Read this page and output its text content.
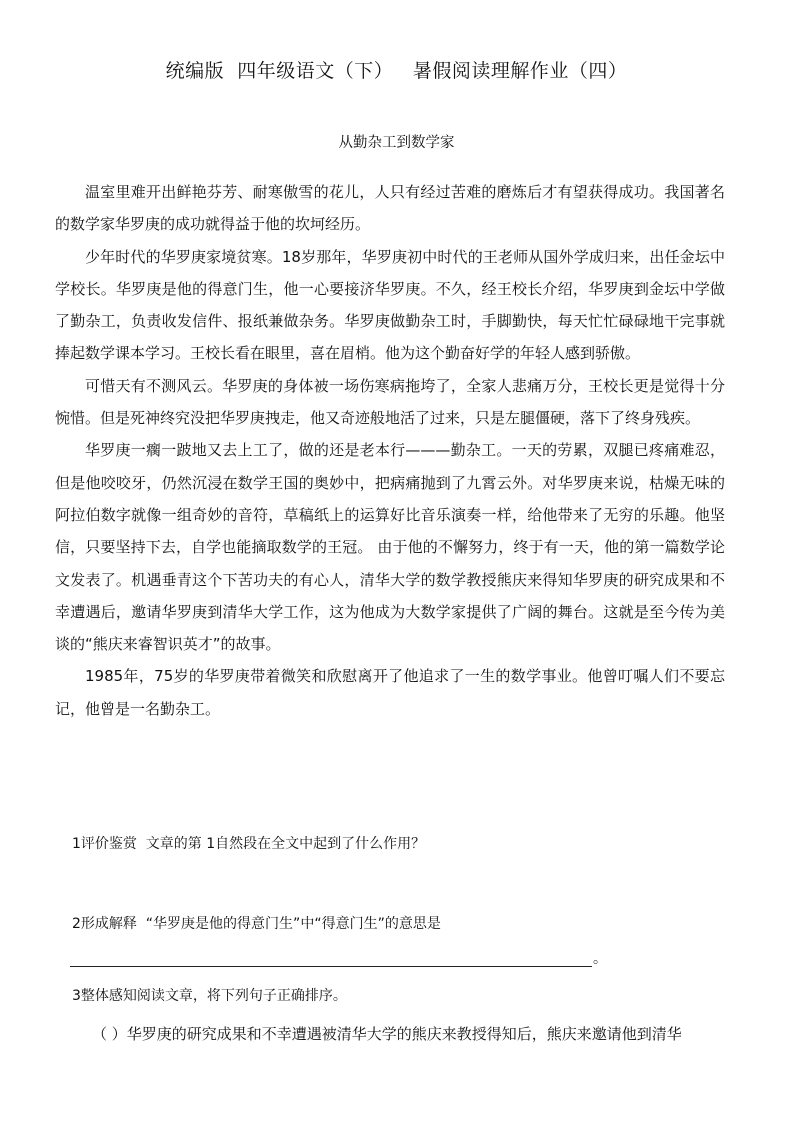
统编版  四年级语文（下）   暑假阅读理解作业（四）
从勤杂工到数学家

温室里难开出鲜艳芬芳、耐寒傲雪的花儿，人只有经过苦难的磨炼后才有望获得成功。我国著名的数学家华罗庚的成功就得益于他的坎坷经历。

少年时代的华罗庚家境贫寒。18岁那年，华罗庚初中时代的王老师从国外学成归来，出任金坛中学校长。华罗庚是他的得意门生，他一心要接济华罗庚。不久，经王校长介绍，华罗庚到金坛中学做了勤杂工，负责收发信件、报纸兼做杂务。华罗庚做勤杂工时，手脚勤快，每天忙忙碌碌地干完事就捧起数学课本学习。王校长看在眼里，喜在眉梢。他为这个勤奋好学的年轻人感到骄傲。

可惜天有不测风云。华罗庚的身体被一场伤寒病拖垮了，全家人悲痛万分，王校长更是觉得十分惋惜。但是死神终究没把华罗庚拽走，他又奇迹般地活了过来，只是左腿僵硬，落下了终身残疾。

华罗庚一瘸一跛地又去上工了，做的还是老本行———勤杂工。一天的劳累，双腿已疼痛难忍，但是他咬咬牙，仍然沉浸在数学王国的奥妙中，把病痛抛到了九霄云外。对华罗庚来说，枯燥无味的阿拉伯数字就像一组奇妙的音符，草稿纸上的运算好比音乐演奏一样，给他带来了无穷的乐趣。他坚信，只要坚持下去，自学也能摘取数学的王冠。 由于他的不懈努力，终于有一天，他的第一篇数学论文发表了。机遇垂青这个下苦功夫的有心人，清华大学的数学教授熊庆来得知华罗庚的研究成果和不幸遭遇后，邀请华罗庚到清华大学工作，这为他成为大数学家提供了广阔的舞台。这就是至今传为美谈的“熊庆来睿智识英才”的故事。

1985年，75岁的华罗庚带着微笑和欣慰离开了他追求了一生的数学事业。他曾叮嘱人们不要忘记，他曾是一名勤杂工。

1评价鉴赏  文章的第 1自然段在全文中起到了什么作用？
2形成解释  “华罗庚是他的得意门生”中“得意门生”的意思是
。
3整体感知阅读文章，将下列句子正确排序。
（ ）华罗庚的研究成果和不幸遭遇被清华大学的熊庆来教授得知后，熊庆来邀请他到清华
